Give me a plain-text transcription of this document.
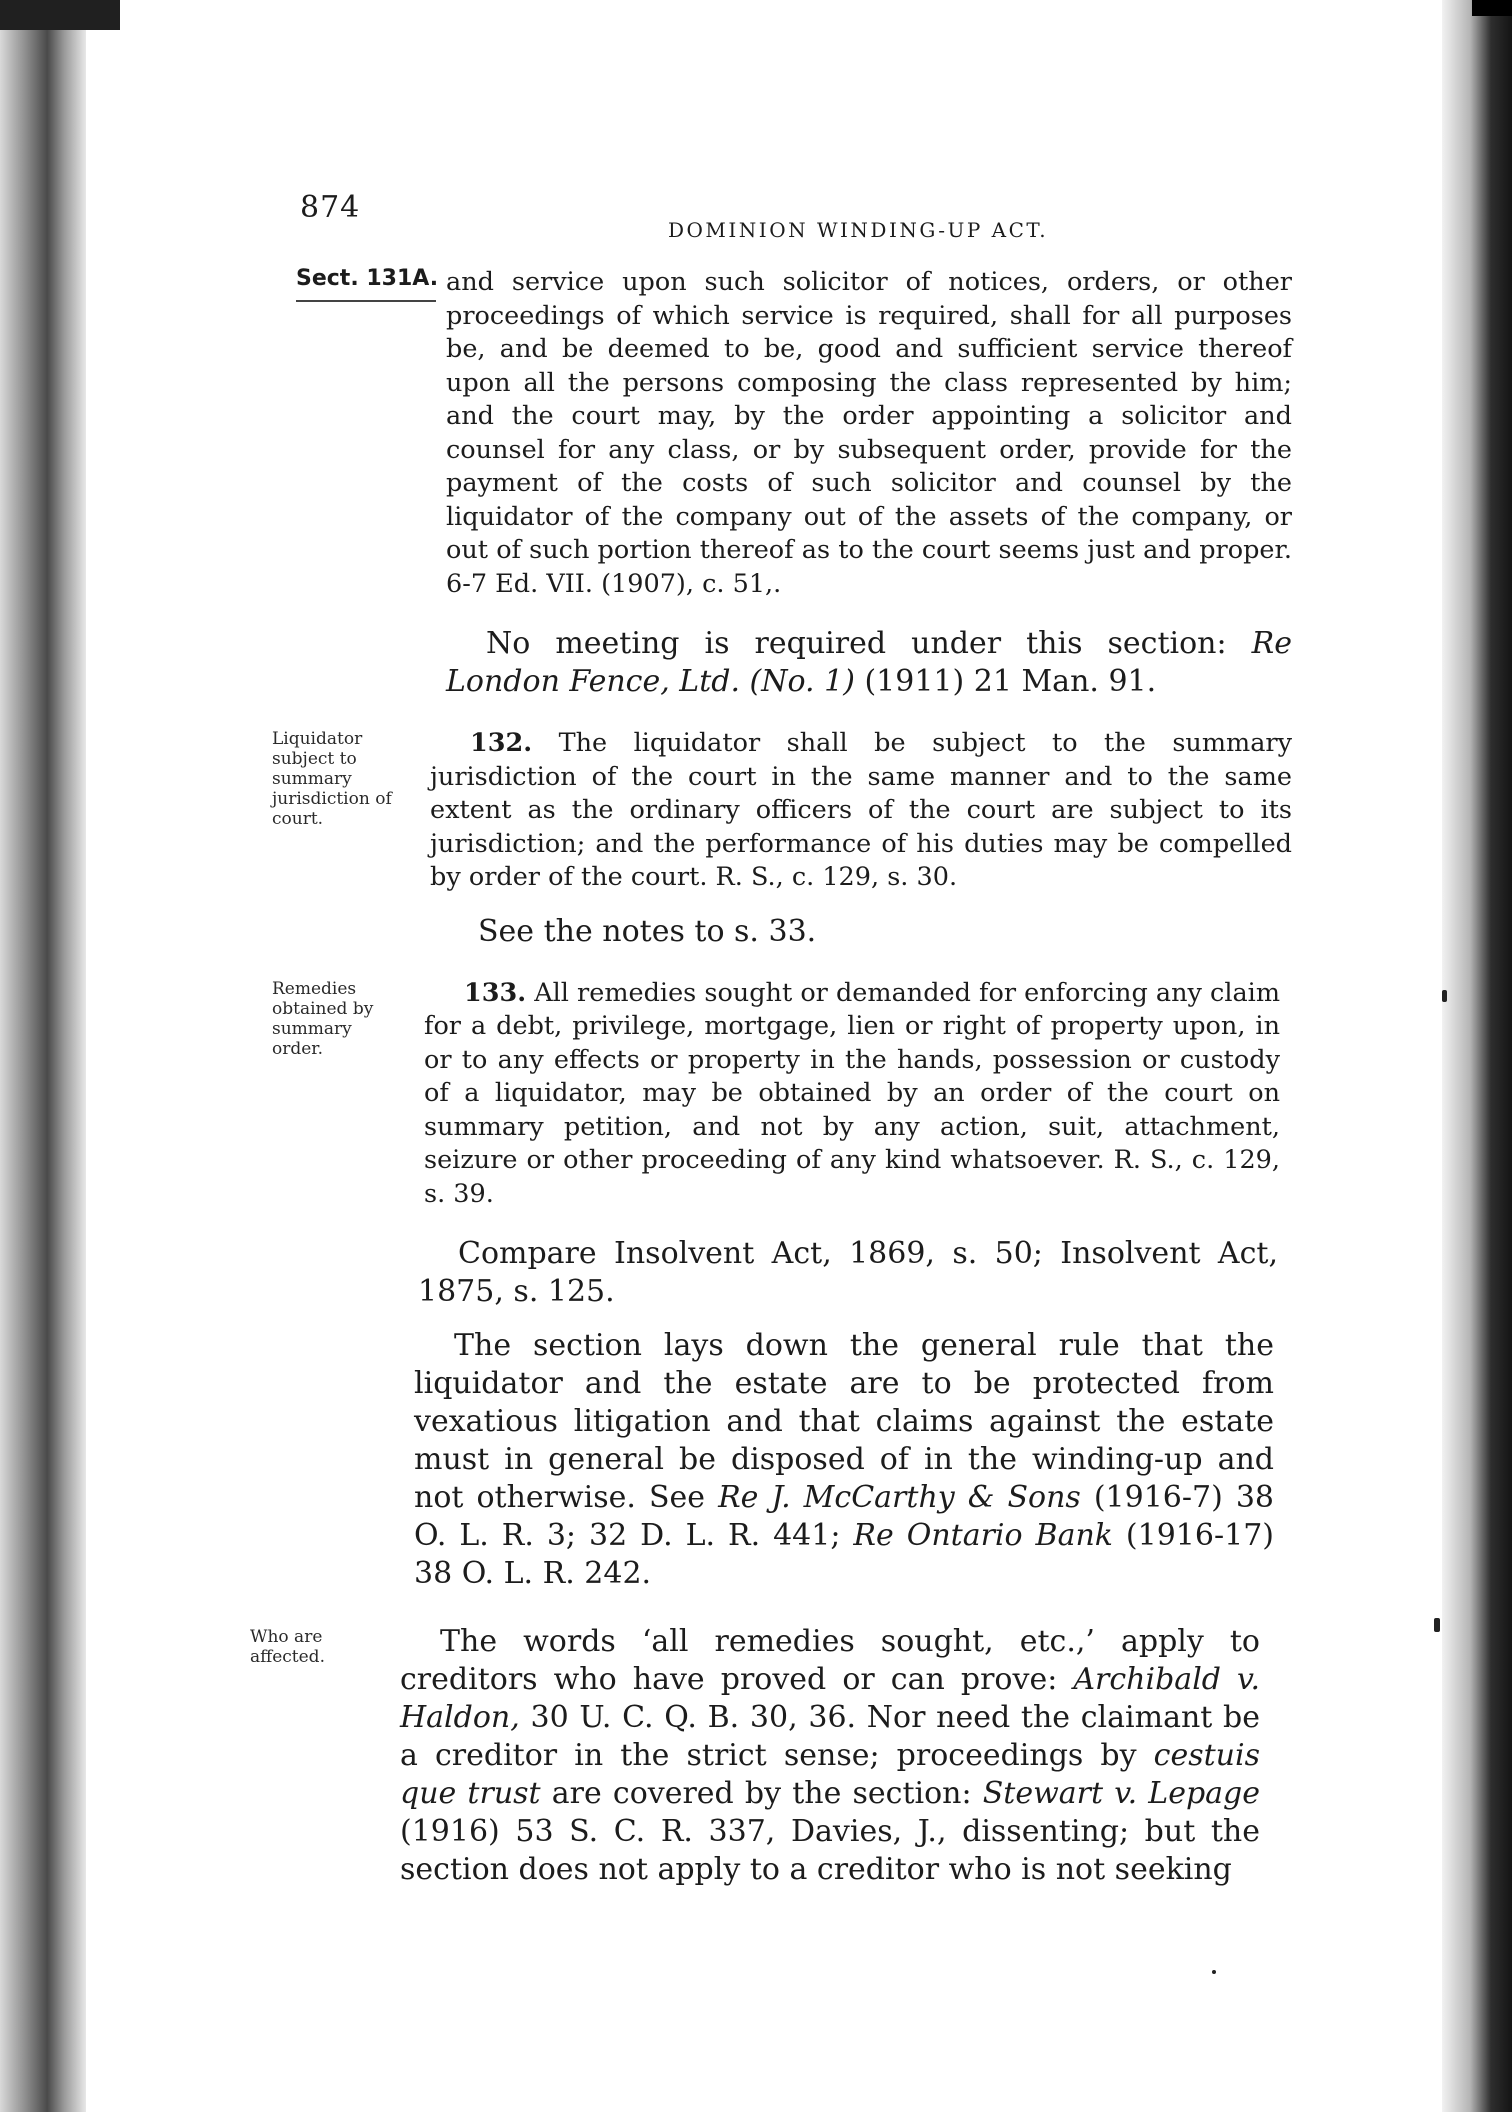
874
DOMINION WINDING-UP ACT.
Sect. 131A. and service upon such solicitor of notices, orders, or other proceedings of which service is required, shall for all purposes be, and be deemed to be, good and sufficient service thereof upon all the persons composing the class represented by him; and the court may, by the order appointing a solicitor and counsel for any class, or by subsequent order, provide for the payment of the costs of such solicitor and counsel by the liquidator of the company out of the assets of the company, or out of such portion thereof as to the court seems just and proper. 6-7 Ed. VII. (1907), c. 51,.

No meeting is required under this section: Re London Fence, Ltd. (No. 1) (1911) 21 Man. 91.

Liquidator subject to summary jurisdiction of court.
132. The liquidator shall be subject to the summary jurisdiction of the court in the same manner and to the same extent as the ordinary officers of the court are subject to its jurisdiction; and the performance of his duties may be compelled by order of the court. R. S., c. 129, s. 30.

See the notes to s. 33.

Remedies obtained by summary order.
133. All remedies sought or demanded for enforcing any claim for a debt, privilege, mortgage, lien or right of property upon, in or to any effects or property in the hands, possession or custody of a liquidator, may be obtained by an order of the court on summary petition, and not by any action, suit, attachment, seizure or other proceeding of any kind whatsoever. R. S., c. 129, s. 39.

Compare Insolvent Act, 1869, s. 50; Insolvent Act, 1875, s. 125.

The section lays down the general rule that the liquidator and the estate are to be protected from vexatious litigation and that claims against the estate must in general be disposed of in the winding-up and not otherwise. See Re J. McCarthy & Sons (1916-7) 38 O. L. R. 3; 32 D. L. R. 441; Re Ontario Bank (1916-17) 38 O. L. R. 242.

Who are affected.	The words ‘all remedies sought, etc.,’ apply to creditors who have proved or can prove: Archibald v. Haldon, 30 U. C. Q. B. 30, 36. Nor need the claimant be a creditor in the strict sense; proceedings by cestuis que trust are covered by the section: Stewart v. Lepage (1916) 53 S. C. R. 337, Davies, J., dissenting; but the section does not apply to a creditor who is not seeking
